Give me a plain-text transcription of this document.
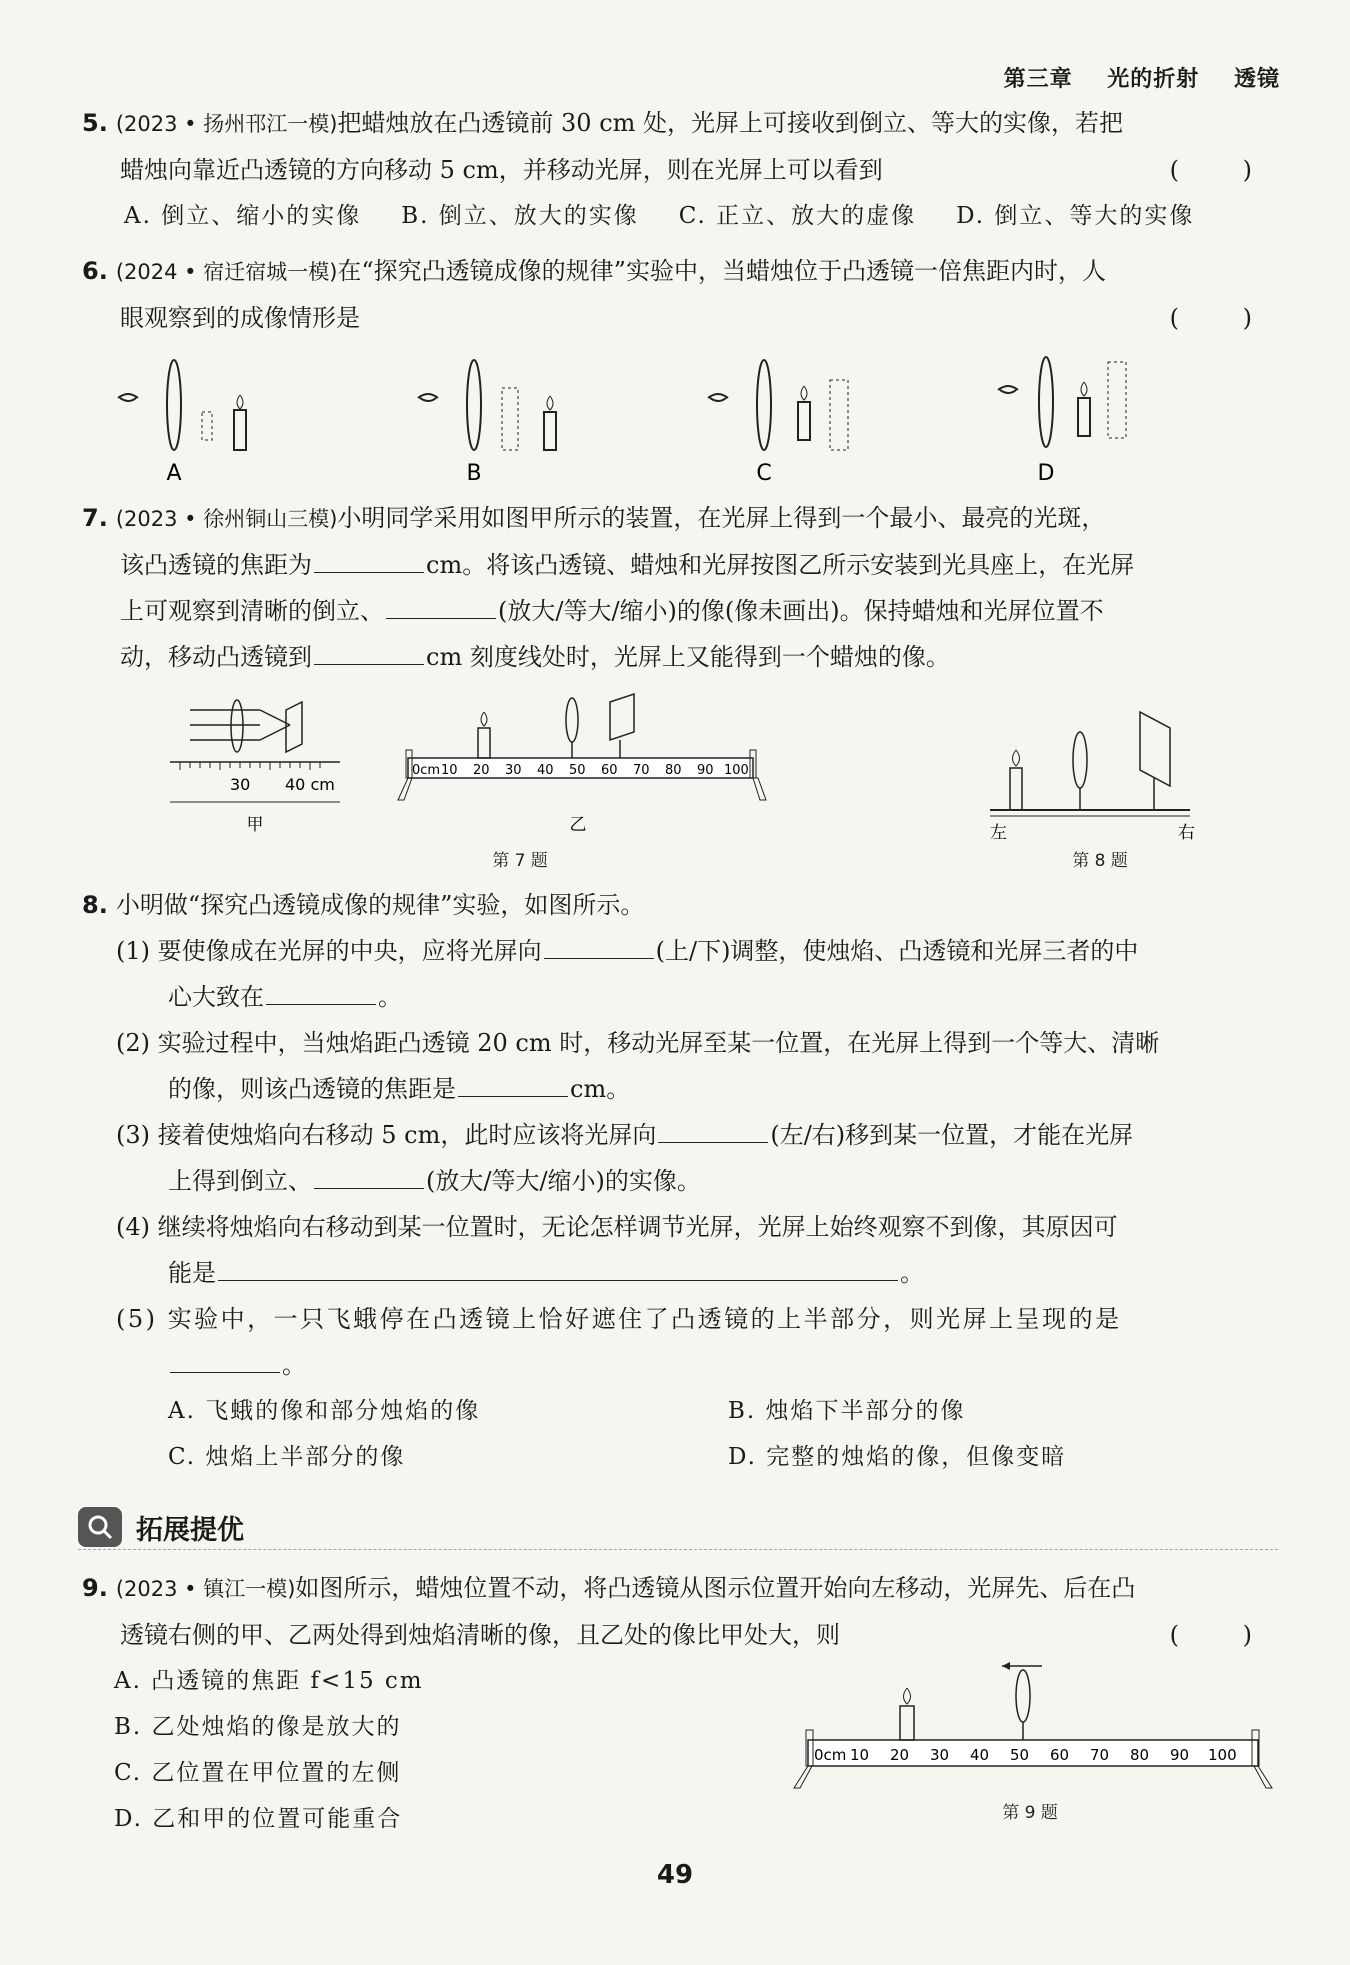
第三章 光的折射 透镜
5. (2023 • 扬州邗江一模)把蜡烛放在凸透镜前 30 cm 处，光屏上可接收到倒立、等大的实像，若把
蜡烛向靠近凸透镜的方向移动 5 cm，并移动光屏，则在光屏上可以看到	( )
A. 倒立、缩小的实像 B. 倒立、放大的实像 C. 正立、放大的虚像 D. 倒立、等大的实像
6. (2024 • 宿迁宿城一模)在“探究凸透镜成像的规律”实验中，当蜡烛位于凸透镜一倍焦距内时，人
眼观察到的成像情形是	( )
A	B	C	D
7. (2023 • 徐州铜山三模)小明同学采用如图甲所示的装置，在光屏上得到一个最小、最亮的光斑，
该凸透镜的焦距为	cm。将该凸透镜、蜡烛和光屏按图乙所示安装到光具座上，在光屏
上可观察到清晰的倒立、	(放大/等大/缩小)的像(像未画出)。保持蜡烛和光屏位置不
动，移动凸透镜到	cm 刻度线处时，光屏上又能得到一个蜡烛的像。
30 40 cm
甲
0cm 10 20 30 40 50 60 70 80 90 100
乙
第 7 题
左	右
第 8 题
8. 小明做“探究凸透镜成像的规律”实验，如图所示。
(1) 要使像成在光屏的中央，应将光屏向	(上/下)调整，使烛焰、凸透镜和光屏三者的中
心大致在	。
(2) 实验过程中，当烛焰距凸透镜 20 cm 时，移动光屏至某一位置，在光屏上得到一个等大、清晰
的像，则该凸透镜的焦距是	cm。
(3) 接着使烛焰向右移动 5 cm，此时应该将光屏向	(左/右)移到某一位置，才能在光屏
上得到倒立、	(放大/等大/缩小)的实像。
(4) 继续将烛焰向右移动到某一位置时，无论怎样调节光屏，光屏上始终观察不到像，其原因可
能是	。
(5) 实验中，一只飞蛾停在凸透镜上恰好遮住了凸透镜的上半部分，则光屏上呈现的是
。
A. 飞蛾的像和部分烛焰的像	B. 烛焰下半部分的像
C. 烛焰上半部分的像	D. 完整的烛焰的像，但像变暗
拓展提优
9. (2023 • 镇江一模)如图所示，蜡烛位置不动，将凸透镜从图示位置开始向左移动，光屏先、后在凸
透镜右侧的甲、乙两处得到烛焰清晰的像，且乙处的像比甲处大，则	( )
A. 凸透镜的焦距 f<15 cm
B. 乙处烛焰的像是放大的
C. 乙位置在甲位置的左侧
D. 乙和甲的位置可能重合
0cm 10 20 30 40 50 60 70 80 90 100
第 9 题
49
